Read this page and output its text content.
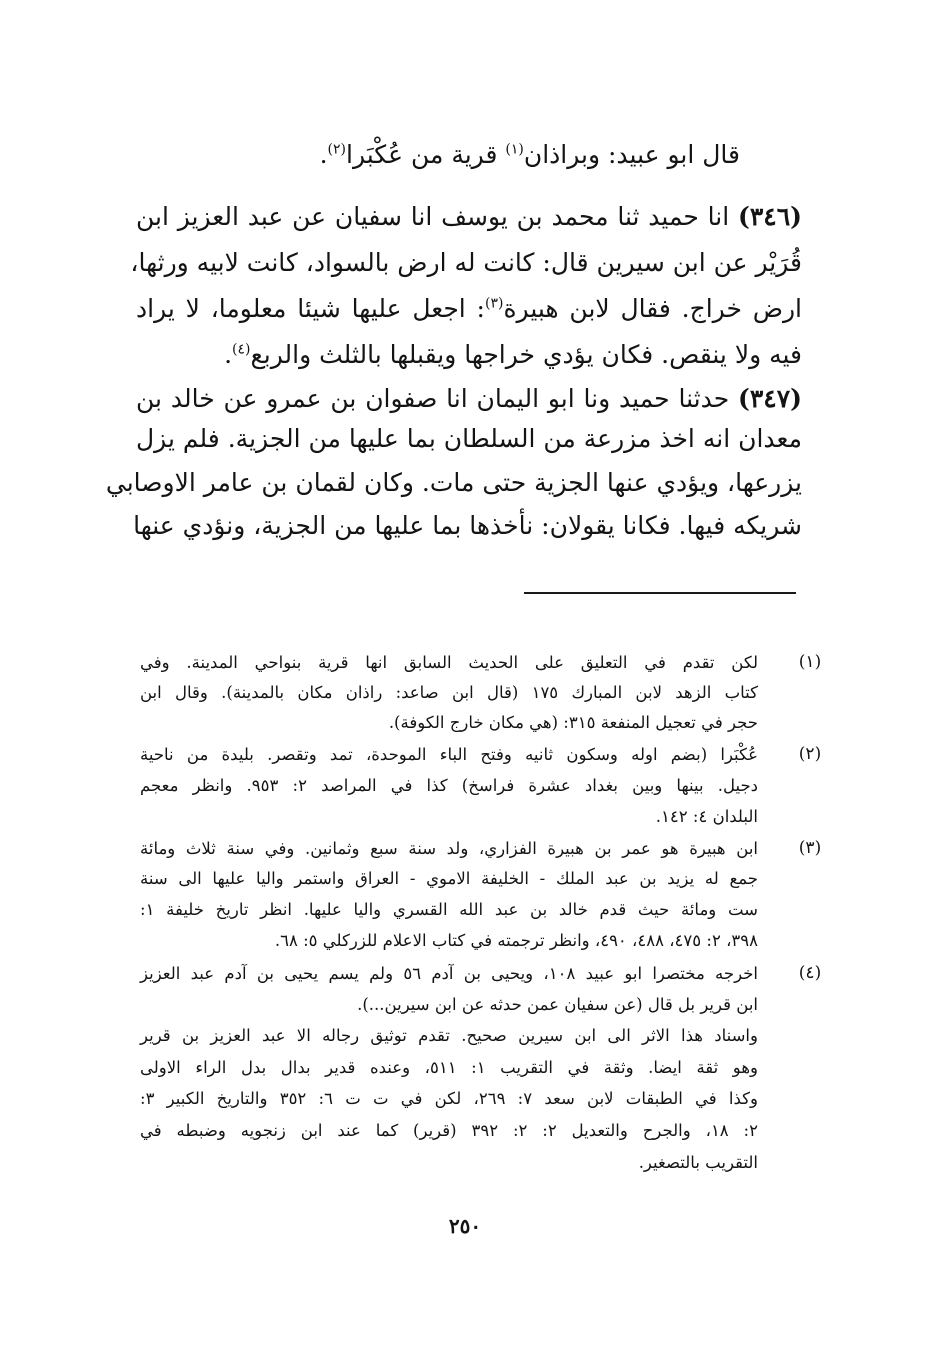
قال ابو عبيد: وبراذان$^{(١)}$ قرية من عُكْبَرا$^{(٢)}$.
(٣٤٦) انا حميد ثنا محمد بن يوسف انا سفيان عن عبد العزيز ابن
قُرَيْر عن ابن سيرين قال: كانت له ارض بالسواد، كانت لابيه ورثها،
ارض خراج. فقال لابن هبيرة$^{(٣)}$: اجعل عليها شيئا معلوما، لا يراد
فيه ولا ينقص. فكان يؤدي خراجها ويقبلها بالثلث والربع$^{(٤)}$.
(٣٤٧) حدثنا حميد ونا ابو اليمان انا صفوان بن عمرو عن خالد بن
معدان انه اخذ مزرعة من السلطان بما عليها من الجزية. فلم يزل
يزرعها، ويؤدي عنها الجزية حتى مات. وكان لقمان بن عامر الاوصابي
شريكه فيها. فكانا يقولان: نأخذها بما عليها من الجزية، ونؤدي عنها
(١)
لكن تقدم في التعليق على الحديث السابق انها قرية بنواحي المدينة. وفي
كتاب الزهد لابن المبارك ١٧٥ (قال ابن صاعد: راذان مكان بالمدينة). وقال ابن
حجر في تعجيل المنفعة ٣١٥: (هي مكان خارج الكوفة).
(٢)
عُكْبَرا (بضم اوله وسكون ثانيه وفتح الباء الموحدة، تمد وتقصر. بليدة من ناحية
دجيل. بينها وبين بغداد عشرة فراسخ) كذا في المراصد ٢: ٩٥٣. وانظر معجم
البلدان ٤: ١٤٢.
(٣)
ابن هبيرة هو عمر بن هبيرة الفزاري، ولد سنة سبع وثمانين. وفي سنة ثلاث ومائة
جمع له يزيد بن عبد الملك - الخليفة الاموي - العراق واستمر واليا عليها الى سنة
ست ومائة حيث قدم خالد بن عبد الله القسري واليا عليها. انظر تاريخ خليفة ١:
٣٩٨، ٢: ٤٧٥، ٤٨٨، ٤٩٠، وانظر ترجمته في كتاب الاعلام للزركلي ٥: ٦٨.
(٤)
اخرجه مختصرا ابو عبيد ١٠٨، ويحيى بن آدم ٥٦ ولم يسم يحيى بن آدم عبد العزيز
ابن قرير بل قال (عن سفيان عمن حدثه عن ابن سيرين...).
واسناد هذا الاثر الى ابن سيرين صحيح. تقدم توثيق رجاله الا عبد العزيز بن قرير
وهو ثقة ايضا. وثقة في التقريب ١: ٥١١، وعنده قدير بدال بدل الراء الاولى
وكذا في الطبقات لابن سعد ٧: ٢٦٩، لكن في ت ت ٦: ٣٥٢ والتاريخ الكبير ٣:
٢: ١٨، والجرح والتعديل ٢: ٢: ٣٩٢ (قرير) كما عند ابن زنجويه وضبطه في
التقريب بالتصغير.
٢٥٠
